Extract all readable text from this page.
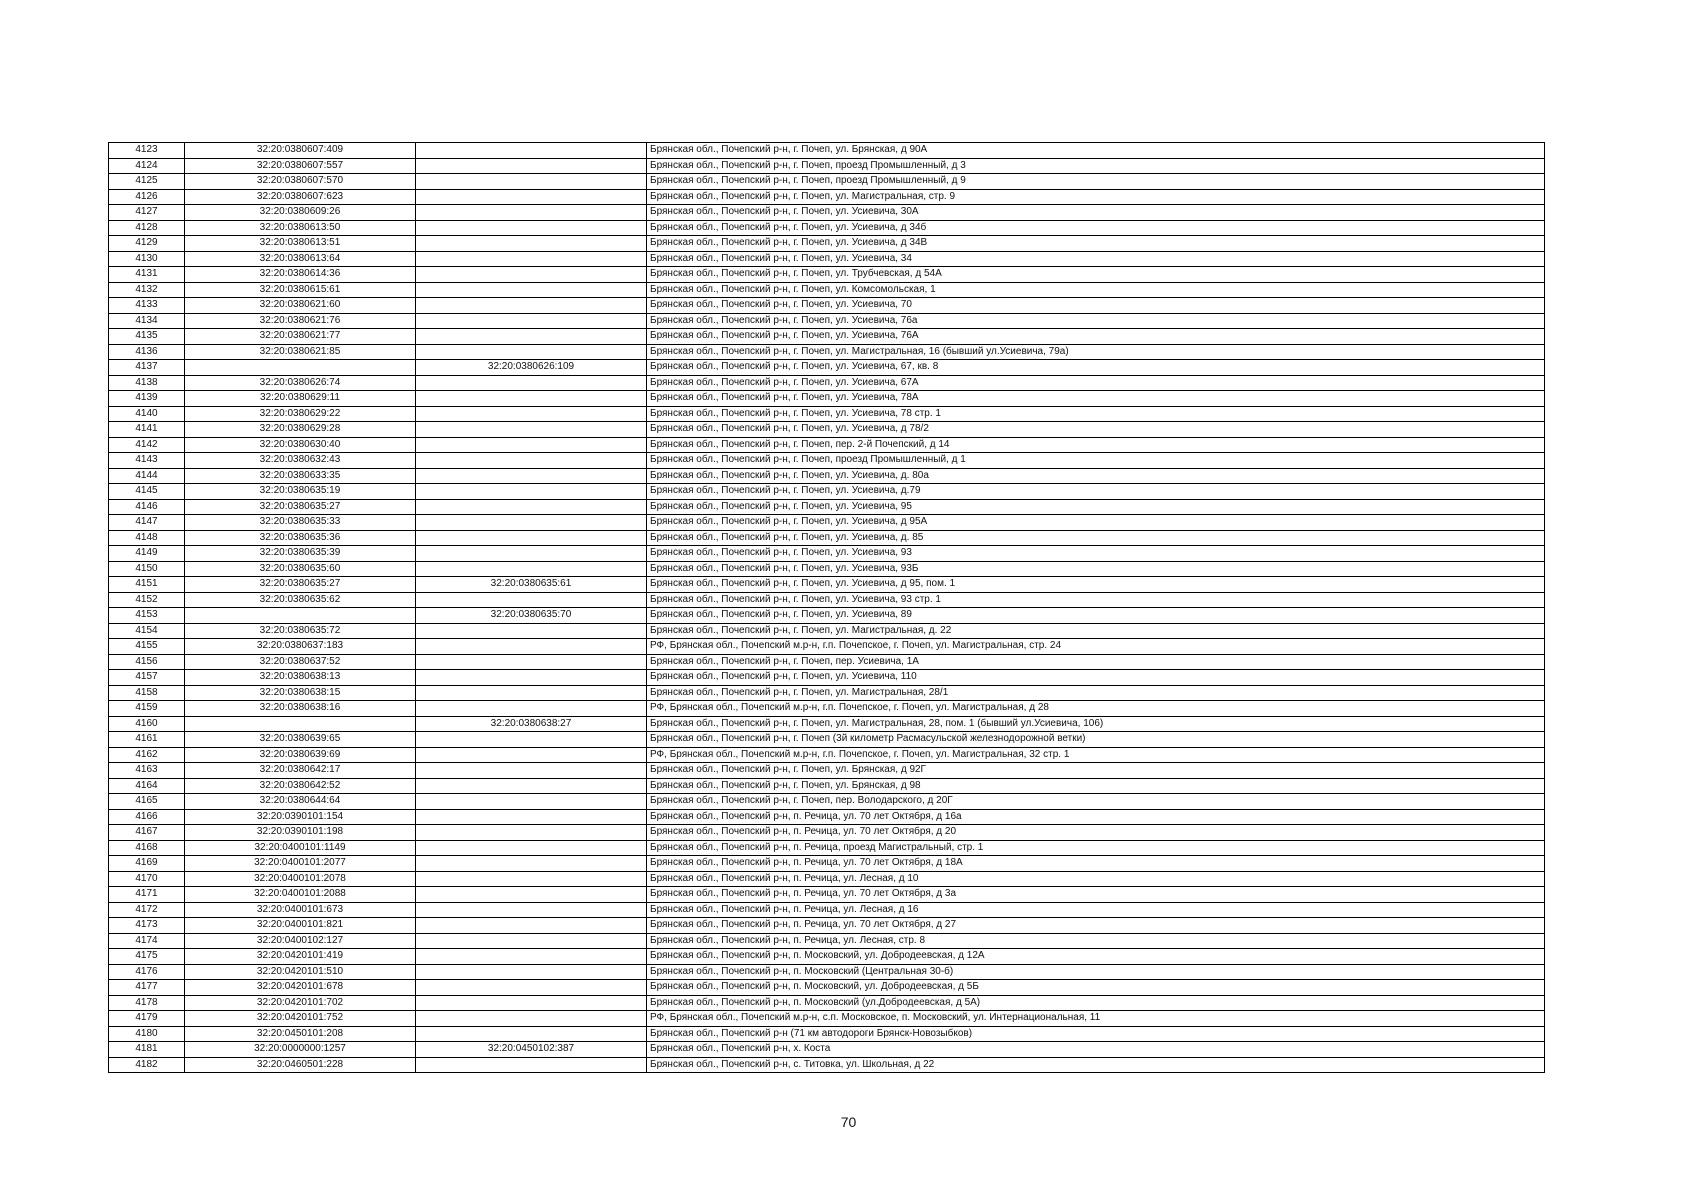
4123	32:20:0380607:409		Брянская обл., Почепский р-н, г. Почеп, ул. Брянская, д 90А
4124	32:20:0380607:557		Брянская обл., Почепский р-н, г. Почеп, проезд Промышленный, д 3
4125	32:20:0380607:570		Брянская обл., Почепский р-н, г. Почеп, проезд Промышленный, д 9
4126	32:20:0380607:623		Брянская обл., Почепский р-н, г. Почеп, ул. Магистральная, стр. 9
4127	32:20:0380609:26		Брянская обл., Почепский р-н, г. Почеп, ул. Усиевича, 30А
4128	32:20:0380613:50		Брянская обл., Почепский р-н, г. Почеп, ул. Усиевича, д 34б
4129	32:20:0380613:51		Брянская обл., Почепский р-н, г. Почеп, ул. Усиевича, д 34В
4130	32:20:0380613:64		Брянская обл., Почепский р-н, г. Почеп, ул. Усиевича, 34
4131	32:20:0380614:36		Брянская обл., Почепский р-н, г. Почеп, ул. Трубчевская, д 54А
4132	32:20:0380615:61		Брянская обл., Почепский р-н, г. Почеп, ул. Комсомольская, 1
4133	32:20:0380621:60		Брянская обл., Почепский р-н, г. Почеп, ул. Усиевича, 70
4134	32:20:0380621:76		Брянская обл., Почепский р-н, г. Почеп, ул. Усиевича, 76а
4135	32:20:0380621:77		Брянская обл., Почепский р-н, г. Почеп, ул. Усиевича, 76А
4136	32:20:0380621:85		Брянская обл., Почепский р-н, г. Почеп, ул. Магистральная, 16 (бывший ул.Усиевича, 79а)
4137		32:20:0380626:109	Брянская обл., Почепский р-н, г. Почеп, ул. Усиевича, 67, кв. 8
4138	32:20:0380626:74		Брянская обл., Почепский р-н, г. Почеп, ул. Усиевича, 67А
4139	32:20:0380629:11		Брянская обл., Почепский р-н, г. Почеп, ул. Усиевича, 78А
4140	32:20:0380629:22		Брянская обл., Почепский р-н, г. Почеп, ул. Усиевича, 78 стр. 1
4141	32:20:0380629:28		Брянская обл., Почепский р-н, г. Почеп, ул. Усиевича, д 78/2
4142	32:20:0380630:40		Брянская обл., Почепский р-н, г. Почеп, пер. 2-й Почепский, д 14
4143	32:20:0380632:43		Брянская обл., Почепский р-н, г. Почеп, проезд Промышленный, д 1
4144	32:20:0380633:35		Брянская обл., Почепский р-н, г. Почеп, ул. Усиевича, д. 80а
4145	32:20:0380635:19		Брянская обл., Почепский р-н, г. Почеп, ул. Усиевича, д.79
4146	32:20:0380635:27		Брянская обл., Почепский р-н, г. Почеп, ул. Усиевича, 95
4147	32:20:0380635:33		Брянская обл., Почепский р-н, г. Почеп, ул. Усиевича, д 95А
4148	32:20:0380635:36		Брянская обл., Почепский р-н, г. Почеп, ул. Усиевича, д. 85
4149	32:20:0380635:39		Брянская обл., Почепский р-н, г. Почеп, ул. Усиевича, 93
4150	32:20:0380635:60		Брянская обл., Почепский р-н, г. Почеп, ул. Усиевича, 93Б
4151	32:20:0380635:27	32:20:0380635:61	Брянская обл., Почепский р-н, г. Почеп, ул. Усиевича, д 95, пом. 1
4152	32:20:0380635:62		Брянская обл., Почепский р-н, г. Почеп, ул. Усиевича, 93 стр. 1
4153		32:20:0380635:70	Брянская обл., Почепский р-н, г. Почеп, ул. Усиевича, 89
4154	32:20:0380635:72		Брянская обл., Почепский р-н, г. Почеп, ул. Магистральная, д. 22
4155	32:20:0380637:183		РФ, Брянская обл., Почепский м.р-н, г.п. Почепское, г. Почеп, ул. Магистральная, стр. 24
4156	32:20:0380637:52		Брянская обл., Почепский р-н, г. Почеп, пер. Усиевича, 1А
4157	32:20:0380638:13		Брянская обл., Почепский р-н, г. Почеп, ул. Усиевича, 110
4158	32:20:0380638:15		Брянская обл., Почепский р-н, г. Почеп, ул. Магистральная, 28/1
4159	32:20:0380638:16		РФ, Брянская обл., Почепский м.р-н, г.п. Почепское, г. Почеп, ул. Магистральная, д 28
4160		32:20:0380638:27	Брянская обл., Почепский р-н, г. Почеп, ул. Магистральная, 28, пом. 1 (бывший ул.Усиевича, 106)
4161	32:20:0380639:65		Брянская обл., Почепский р-н, г. Почеп (3й километр Расмасульской железнодорожной ветки)
4162	32:20:0380639:69		РФ, Брянская обл., Почепский м.р-н, г.п. Почепское, г. Почеп, ул. Магистральная, 32 стр. 1
4163	32:20:0380642:17		Брянская обл., Почепский р-н, г. Почеп, ул. Брянская, д 92Г
4164	32:20:0380642:52		Брянская обл., Почепский р-н, г. Почеп, ул. Брянская, д 98
4165	32:20:0380644:64		Брянская обл., Почепский р-н, г. Почеп, пер. Володарского, д 20Г
4166	32:20:0390101:154		Брянская обл., Почепский р-н, п. Речица, ул. 70 лет Октября, д 16а
4167	32:20:0390101:198		Брянская обл., Почепский р-н, п. Речица, ул. 70 лет Октября, д 20
4168	32:20:0400101:1149		Брянская обл., Почепский р-н, п. Речица, проезд Магистральный, стр. 1
4169	32:20:0400101:2077		Брянская обл., Почепский р-н, п. Речица, ул. 70 лет Октября, д 18А
4170	32:20:0400101:2078		Брянская обл., Почепский р-н, п. Речица, ул. Лесная, д 10
4171	32:20:0400101:2088		Брянская обл., Почепский р-н, п. Речица, ул. 70 лет Октября, д 3а
4172	32:20:0400101:673		Брянская обл., Почепский р-н, п. Речица, ул. Лесная, д 16
4173	32:20:0400101:821		Брянская обл., Почепский р-н, п. Речица, ул. 70 лет Октября, д 27
4174	32:20:0400102:127		Брянская обл., Почепский р-н, п. Речица, ул. Лесная, стр. 8
4175	32:20:0420101:419		Брянская обл., Почепский р-н, п. Московский, ул. Добродеевская, д 12А
4176	32:20:0420101:510		Брянская обл., Почепский р-н, п. Московский (Центральная 30-б)
4177	32:20:0420101:678		Брянская обл., Почепский р-н, п. Московский, ул. Добродеевская, д 5Б
4178	32:20:0420101:702		Брянская обл., Почепский р-н, п. Московский (ул.Добродеевская, д 5А)
4179	32:20:0420101:752		РФ, Брянская обл., Почепский м.р-н, с.п. Московское, п. Московский, ул. Интернациональная, 11
4180	32:20:0450101:208		Брянская обл., Почепский р-н (71 км автодороги Брянск-Новозыбков)
4181	32:20:0000000:1257	32:20:0450102:387	Брянская обл., Почепский р-н, х. Коста
4182	32:20:0460501:228		Брянская обл., Почепский р-н, с. Титовка, ул. Школьная, д 22
70
